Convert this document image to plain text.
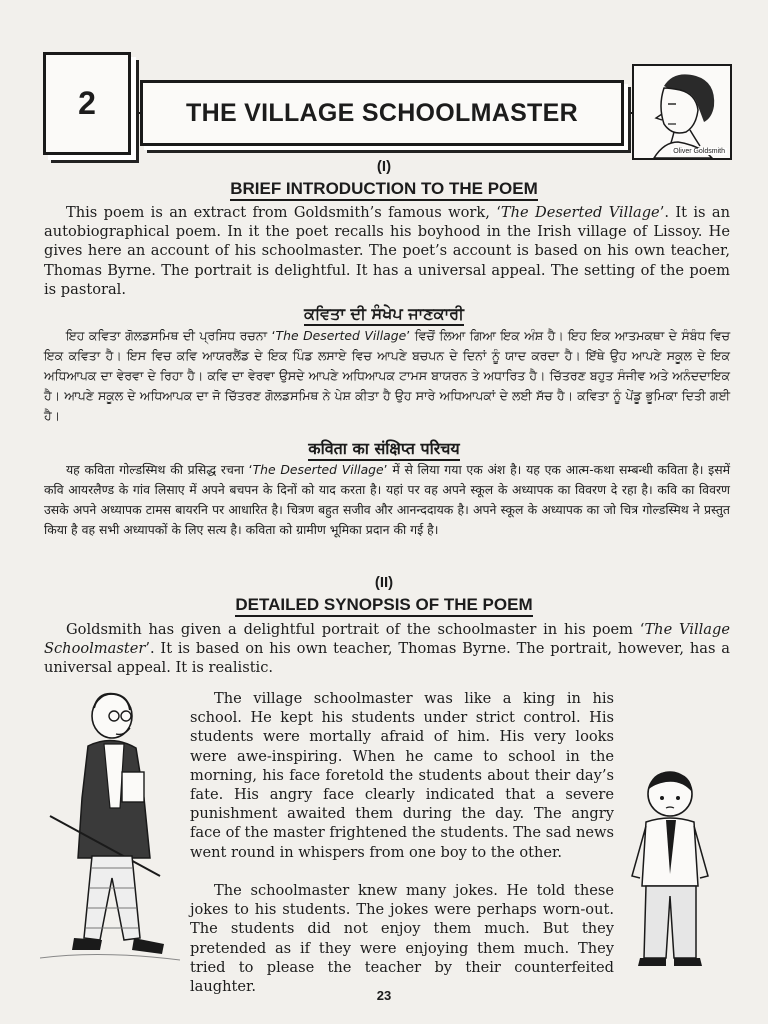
2	THE VILLAGE SCHOOLMASTER
Oliver Goldsmith
(I)
BRIEF INTRODUCTION TO THE POEM

This poem is an extract from Goldsmith’s famous work, ‘The Deserted Village’. It is an autobiographical poem. In it the poet recalls his boyhood in the Irish village of Lissoy. He gives here an account of his schoolmaster. The poet’s account is based on his own teacher, Thomas Byrne. The portrait is delightful. It has a universal appeal. The setting of the poem is pastoral.

ਕਵਿਤਾ ਦੀ ਸੰਖੇਪ ਜਾਣਕਾਰੀ

ਇਹ ਕਵਿਤਾ ਗੋਲਡਸਮਿਥ ਦੀ ਪ੍ਰਸਿਧ ਰਚਨਾ ‘The Deserted Village’ ਵਿਚੋਂ ਲਿਆ ਗਿਆ ਇਕ ਅੰਸ਼ ਹੈ। ਇਹ ਇਕ ਆਤਮਕਥਾ ਦੇ ਸੰਬੰਧ ਵਿਚ ਇਕ ਕਵਿਤਾ ਹੈ। ਇਸ ਵਿਚ ਕਵਿ ਆਯਰਲੈਂਡ ਦੇ ਇਕ ਪਿੰਡ ਲਸਾਏ ਵਿਚ ਆਪਣੇ ਬਚਪਨ ਦੇ ਦਿਨਾਂ ਨੂੰ ਯਾਦ ਕਰਦਾ ਹੈ। ਇੱਥੇ ਉਹ ਆਪਣੇ ਸਕੂਲ ਦੇ ਇਕ ਅਧਿਆਪਕ ਦਾ ਵੇਰਵਾ ਦੇ ਰਿਹਾ ਹੈ। ਕਵਿ ਦਾ ਵੇਰਵਾ ਉਸਦੇ ਆਪਣੇ ਅਧਿਆਪਕ ਟਾਮਸ ਬਾਯਰਨ ਤੇ ਅਧਾਰਿਤ ਹੈ। ਚਿੱਤਰਣ ਬਹੁਤ ਸੰਜੀਵ ਅਤੇ ਅਨੰਦਦਾਇਕ ਹੈ। ਆਪਣੇ ਸਕੂਲ ਦੇ ਅਧਿਆਪਕ ਦਾ ਜੋ ਚਿੱਤਰਣ ਗੋਲਡਸਮਿਥ ਨੇ ਪੇਸ਼ ਕੀਤਾ ਹੈ ਉਹ ਸਾਰੇ ਅਧਿਆਪਕਾਂ ਦੇ ਲਈ ਸੱਚ ਹੈ। ਕਵਿਤਾ ਨੂੰ ਪੇਂਡੂ ਭੂਮਿਕਾ ਦਿਤੀ ਗਈ ਹੈ।

कविता का संक्षिप्त परिचय

यह कविता गोल्डस्मिथ की प्रसिद्ध रचना ‘The Deserted Village’ में से लिया गया एक अंश है। यह एक आत्म-कथा सम्बन्धी कविता है। इसमें कवि आयरलैण्ड के गांव लिसाए में अपने बचपन के दिनों को याद करता है। यहां पर वह अपने स्कूल के अध्यापक का विवरण दे रहा है। कवि का विवरण उसके अपने अध्यापक टामस बायरनि पर आधारित है। चित्रण बहुत सजीव और आनन्ददायक है। अपने स्कूल के अध्यापक का जो चित्र गोल्डस्मिथ ने प्रस्तुत किया है वह सभी अध्यापकों के लिए सत्य है। कविता को ग्रामीण भूमिका प्रदान की गई है।

(II)
DETAILED SYNOPSIS OF THE POEM

Goldsmith has given a delightful portrait of the schoolmaster in his poem ‘The Village Schoolmaster’. It is based on his own teacher, Thomas Byrne. The portrait, however, has a universal appeal. It is realistic.

The village schoolmaster was like a king in his school. He kept his students under strict control. His students were mortally afraid of him. His very looks were awe-inspiring. When he came to school in the morning, his face foretold the students about their day’s fate. His angry face clearly indicated that a severe punishment awaited them during the day. The angry face of the master frightened the students. The sad news went round in whispers from one boy to the other.

The schoolmaster knew many jokes. He told these jokes to his students. The jokes were perhaps worn-out. The students did not enjoy them much. But they pretended as if they were enjoying them much. They tried to please the teacher by their counterfeited laughter.

23
